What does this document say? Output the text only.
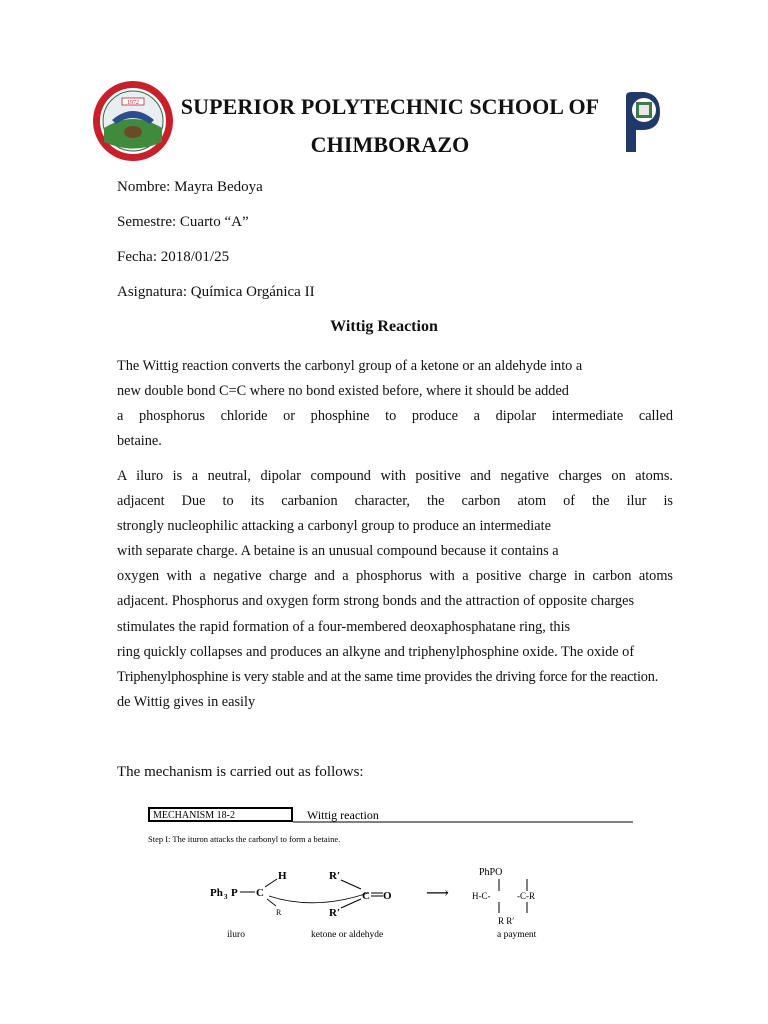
1972	SUPERIOR POLYTECHNIC SCHOOL OF
CHIMBORAZO
Nombre: Mayra Bedoya
Semestre: Cuarto “A”
Fecha: 2018/01/25
Asignatura: Química Orgánica II
Wittig Reaction
The Wittig reaction converts the carbonyl group of a ketone or an aldehyde into a
new double bond C=C where no bond existed before, where it should be added
a phosphorus chloride or phosphine to produce a dipolar intermediate called
betaine.
A iluro is a neutral, dipolar compound with positive and negative charges on atoms.
adjacent Due to its carbanion character, the carbon atom of the ilur is
strongly nucleophilic attacking a carbonyl group to produce an intermediate
with separate charge. A betaine is an unusual compound because it contains a
oxygen with a negative charge and a phosphorus with a positive charge in carbon atoms
adjacent. Phosphorus and oxygen form strong bonds and the attraction of opposite charges
stimulates the rapid formation of a four-membered deoxaphosphatane ring, this
ring quickly collapses and produces an alkyne and triphenylphosphine oxide. The oxide of
Triphenylphosphine is very stable and at the same time provides the driving force for the reaction.
de Wittig gives in easily
The mechanism is carried out as follows:
MECHANISM 18-2	Wittig reaction
Step I: The ituron attacks the carbonyl to form a betaine.
Ph 3 P C
H
R
iluro
R′
R′
C O
ketone or aldehyde
⟶
PhPO
H-C-	-C-R
R R′
a payment
